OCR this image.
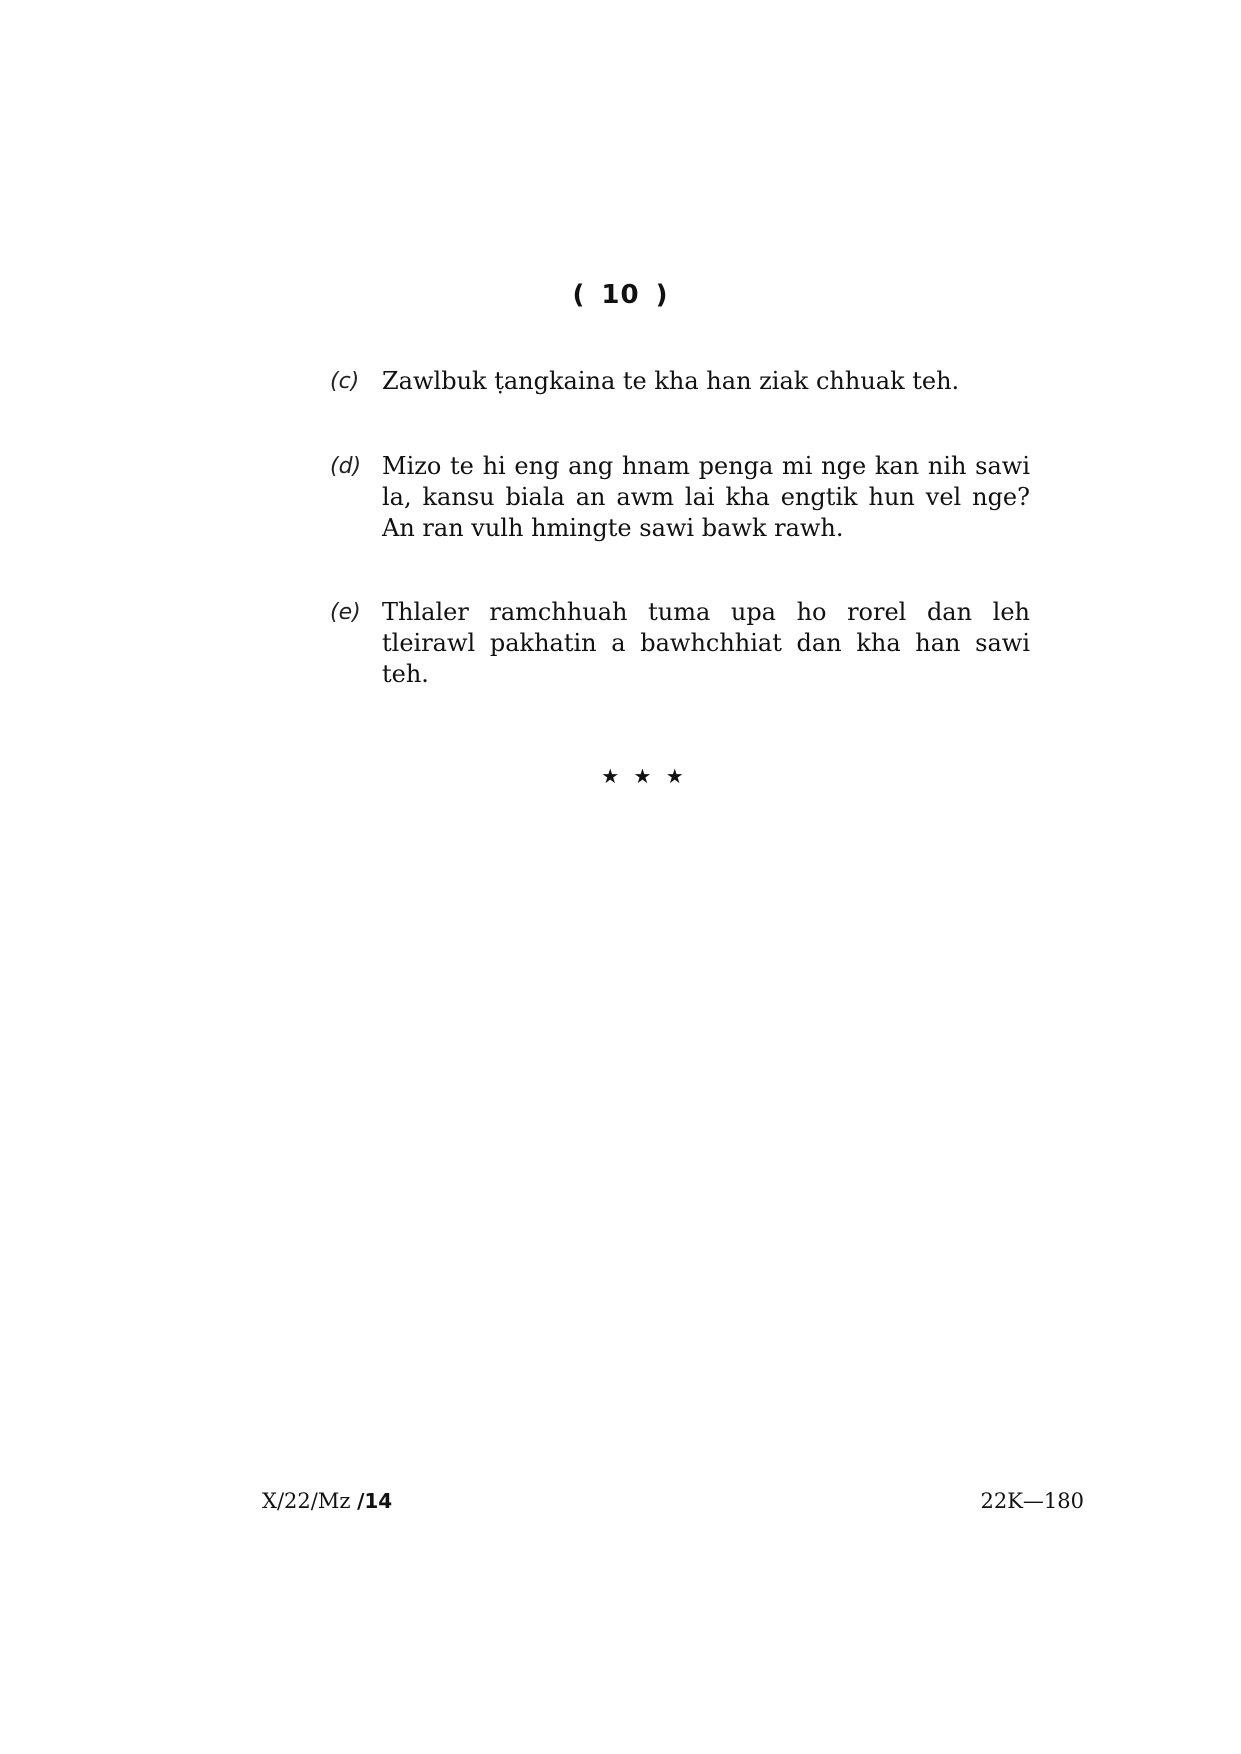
( 10 )
(c) Zawlbuk ṭangkaina te kha han ziak chhuak teh.
(d) Mizo te hi eng ang hnam penga mi nge kan nih sawi la, kansu biala an awm lai kha engtik hun vel nge? An ran vulh hmingte sawi bawk rawh.
(e) Thlaler ramchhuah tuma upa ho rorel dan leh tleirawl pakhatin a bawhchhiat dan kha han sawi teh.
★ ★ ★
X/22/Mz /14	22K—180
